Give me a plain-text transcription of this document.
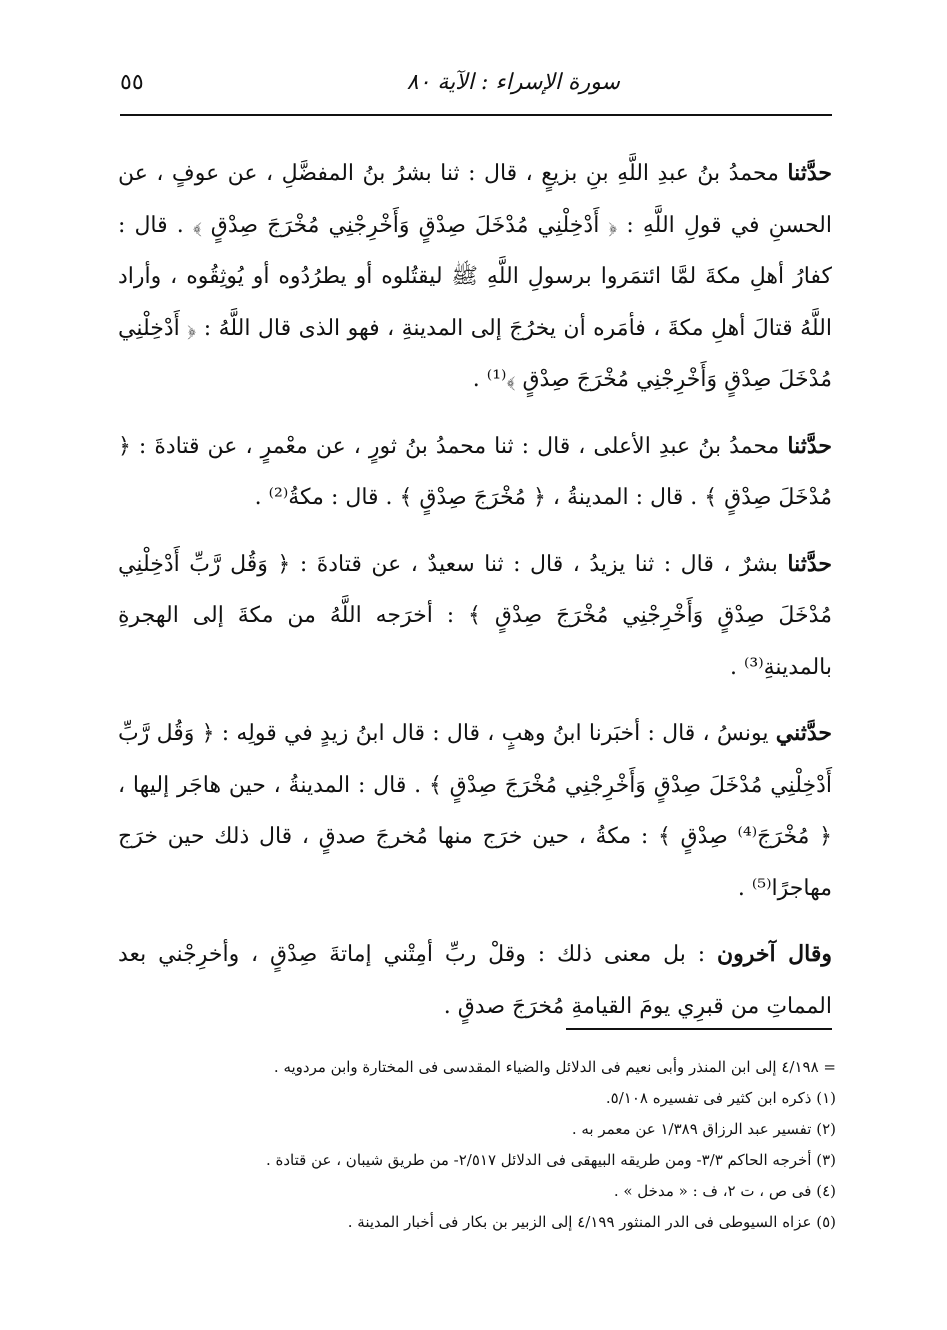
سورة الإسراء : الآية ٨٠
٥٥

حدَّثنا محمدُ بنُ عبدِ اللَّهِ بنِ بزيعٍ ، قال : ثنا بشرُ بنُ المفضَّلِ ، عن عوفٍ ، عن الحسنِ في قولِ اللَّهِ : ﴿ أَدْخِلْنِي مُدْخَلَ صِدْقٍ وَأَخْرِجْنِي مُخْرَجَ صِدْقٍ ﴾ . قال : كفارُ أهلِ مكةَ لمَّا ائتمَروا برسولِ اللَّهِ ﷺ ليقتُلوه أو يطرُدُوه أو يُوثِقُوه ، وأراد اللَّهُ قتالَ أهلِ مكةَ ، فأمَره أن يخرُجَ إلى المدينةِ ، فهو الذى قال اللَّهُ : ﴿ أَدْخِلْنِي مُدْخَلَ صِدْقٍ وَأَخْرِجْنِي مُخْرَجَ صِدْقٍ ﴾⁽¹⁾ .

حدَّثنا محمدُ بنُ عبدِ الأعلى ، قال : ثنا محمدُ بنُ ثورٍ ، عن معْمرٍ ، عن قتادةَ : ﴿ مُدْخَلَ صِدْقٍ ﴾ . قال : المدينةُ ، ﴿ مُخْرَجَ صِدْقٍ ﴾ . قال : مكةُ⁽²⁾ .

حدَّثنا بشرٌ ، قال : ثنا يزيدُ ، قال : ثنا سعيدٌ ، عن قتادةَ : ﴿ وَقُل رَّبِّ أَدْخِلْنِي مُدْخَلَ صِدْقٍ وَأَخْرِجْنِي مُخْرَجَ صِدْقٍ ﴾ : أخرَجه اللَّهُ من مكةَ إلى الهجرةِ بالمدينةِ⁽³⁾ .

حدَّثني يونسُ ، قال : أخبَرنا ابنُ وهبٍ ، قال : قال ابنُ زيدٍ في قولِه : ﴿ وَقُل رَّبِّ أَدْخِلْنِي مُدْخَلَ صِدْقٍ وَأَخْرِجْنِي مُخْرَجَ صِدْقٍ ﴾ . قال : المدينةُ ، حين هاجَر إليها ، ﴿ مُخْرَجَ⁽⁴⁾ صِدْقٍ ﴾ : مكةُ ، حين خرَج منها مُخرجَ صدقٍ ، قال ذلك حين خرَج مهاجرًا⁽⁵⁾ .

وقال آخرون : بل معنى ذلك : وقلْ ربِّ أمِتْني إماتةَ صِدْقٍ ، وأخرِجْني بعد المماتِ من قبرِي يومَ القيامةِ مُخرَجَ صدقٍ .

= ٤/١٩٨ إلى ابن المنذر وأبى نعيم فى الدلائل والضياء المقدسى فى المختارة وابن مردويه .
(١) ذكره ابن كثير فى تفسيره ٥/١٠٨.
(٢) تفسير عبد الرزاق ١/٣٨٩ عن معمر به .
(٣) أخرجه الحاكم ٣/٣- ومن طريقه البيهقى فى الدلائل ٢/٥١٧- من طريق شيبان ، عن قتادة .
(٤) فى ص ، ت ٢، ف : « مدخل » .
(٥) عزاه السيوطى فى الدر المنثور ٤/١٩٩ إلى الزبير بن بكار فى أخبار المدينة .
